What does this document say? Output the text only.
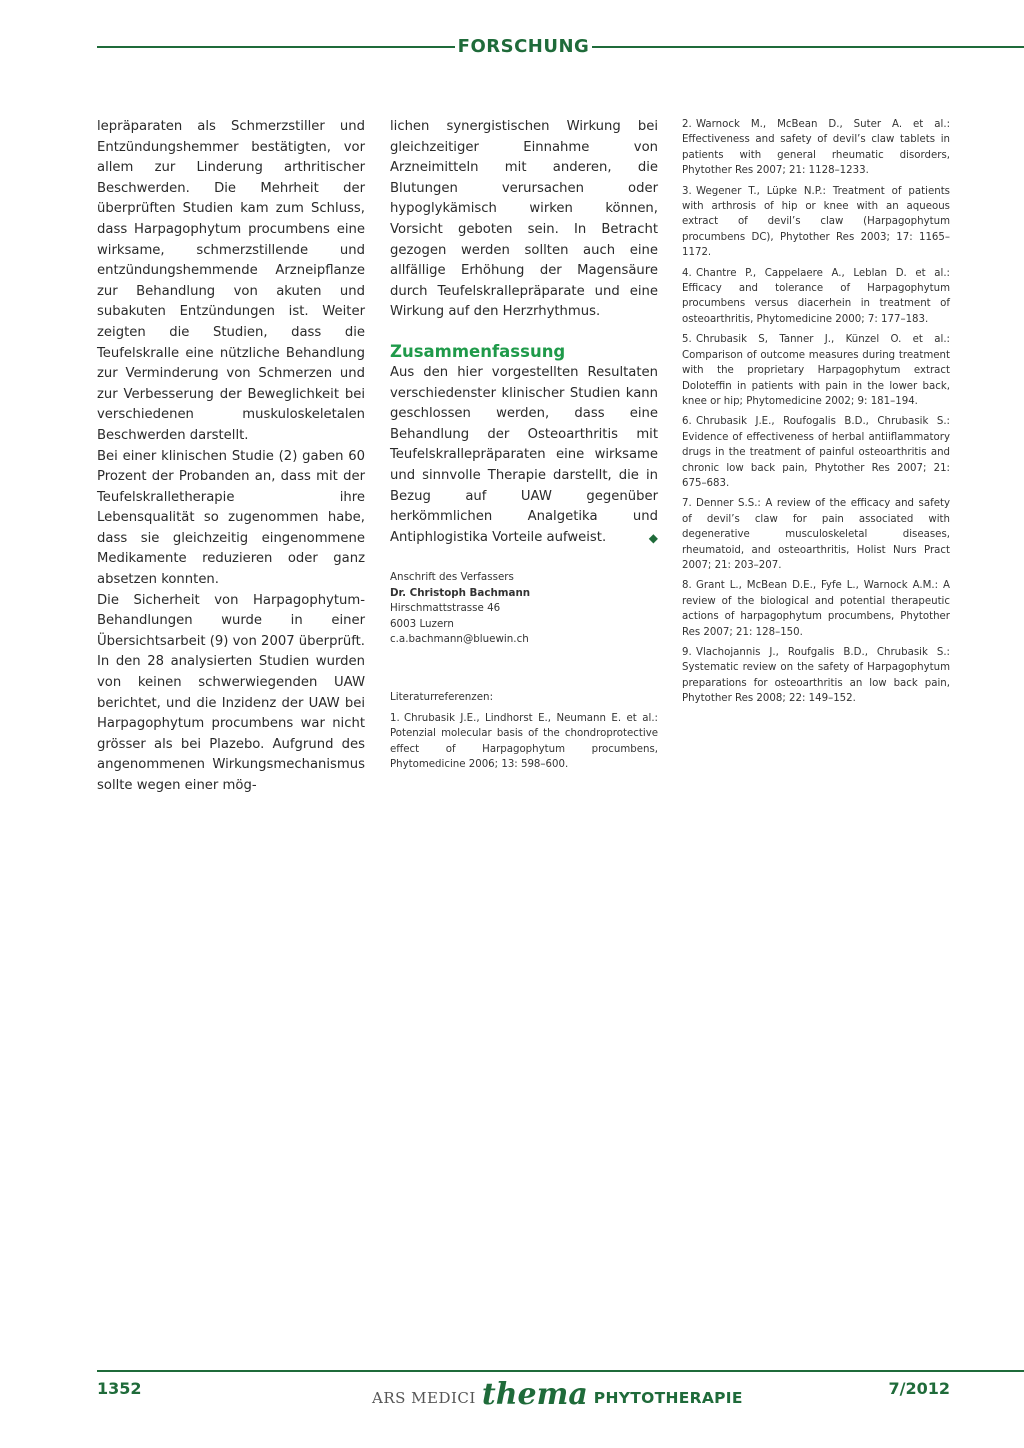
FORSCHUNG

lepräparaten als Schmerzstiller und Entzündungshemmer bestätigten, vor allem zur Linderung arthritischer Beschwerden. Die Mehrheit der überprüften Studien kam zum Schluss, dass Harpagophytum procumbens eine wirksame, schmerzstillende und entzündungshemmende Arzneipflanze zur Behandlung von akuten und subakuten Entzündungen ist. Weiter zeigten die Studien, dass die Teufelskralle eine nützliche Behandlung zur Verminderung von Schmerzen und zur Verbesserung der Beweglichkeit bei verschiedenen muskuloskeletalen Beschwerden darstellt.

Bei einer klinischen Studie (2) gaben 60 Prozent der Probanden an, dass mit der Teufelskralletherapie ihre Lebensqualität so zugenommen habe, dass sie gleichzeitig eingenommene Medikamente reduzieren oder ganz absetzen konnten.

Die Sicherheit von Harpagophytum-Behandlungen wurde in einer Übersichtsarbeit (9) von 2007 überprüft. In den 28 analysierten Studien wurden von keinen schwerwiegenden UAW berichtet, und die Inzidenz der UAW bei Harpagophytum procumbens war nicht grösser als bei Plazebo. Aufgrund des angenommenen Wirkungsmechanismus sollte wegen einer mög-

lichen synergistischen Wirkung bei gleichzeitiger Einnahme von Arzneimitteln mit anderen, die Blutungen verursachen oder hypoglykämisch wirken können, Vorsicht geboten sein. In Betracht gezogen werden sollten auch eine allfällige Erhöhung der Magensäure durch Teufelskrallepräparate und eine Wirkung auf den Herzrhythmus.

Zusammenfassung

Aus den hier vorgestellten Resultaten verschiedenster klinischer Studien kann geschlossen werden, dass eine Behandlung der Osteoarthritis mit Teufelskrallepräparaten eine wirksame und sinnvolle Therapie darstellt, die in Bezug auf UAW gegenüber herkömmlichen Analgetika und Antiphlogistika Vorteile aufweist.	◆

Anschrift des Verfassers
Dr. Christoph Bachmann
Hirschmattstrasse 46
6003 Luzern
c.a.bachmann@bluewin.ch
Literaturreferenzen:
1. Chrubasik J.E., Lindhorst E., Neumann E. et al.: Potenzial molecular basis of the chondroprotective effect of Harpagophytum procumbens, Phytomedicine 2006; 13: 598–600.
2. Warnock M., McBean D., Suter A. et al.: Effectiveness and safety of devil’s claw tablets in patients with general rheumatic disorders, Phytother Res 2007; 21: 1128–1233.
3. Wegener T., Lüpke N.P.: Treatment of patients with arthrosis of hip or knee with an aqueous extract of devil’s claw (Harpagophytum procumbens DC), Phytother Res 2003; 17: 1165–1172.
4. Chantre P., Cappelaere A., Leblan D. et al.: Efficacy and tolerance of Harpagophytum procumbens versus diacerhein in treatment of osteoarthritis, Phytomedicine 2000; 7: 177–183.
5. Chrubasik S, Tanner J., Künzel O. et al.: Comparison of outcome measures during treatment with the proprietary Harpagophytum extract Doloteffin in patients with pain in the lower back, knee or hip; Phytomedicine 2002; 9: 181–194.
6. Chrubasik J.E., Roufogalis B.D., Chrubasik S.: Evidence of effectiveness of herbal antiiflammatory drugs in the treatment of painful osteoarthritis and chronic low back pain, Phytother Res 2007; 21: 675–683.
7. Denner S.S.: A review of the efficacy and safety of devil’s claw for pain associated with degenerative musculoskeletal diseases, rheumatoid, and osteoarthritis, Holist Nurs Pract 2007; 21: 203–207.
8. Grant L., McBean D.E., Fyfe L., Warnock A.M.: A review of the biological and potential therapeutic actions of harpagophytum procumbens, Phytother Res 2007; 21: 128–150.
9. Vlachojannis J., Roufgalis B.D., Chrubasik S.: Systematic review on the safety of Harpagophytum preparations for osteoarthritis an low back pain, Phytother Res 2008; 22: 149–152.
1352	ARS MEDICI thema PHYTOTHERAPIE	7/2012
